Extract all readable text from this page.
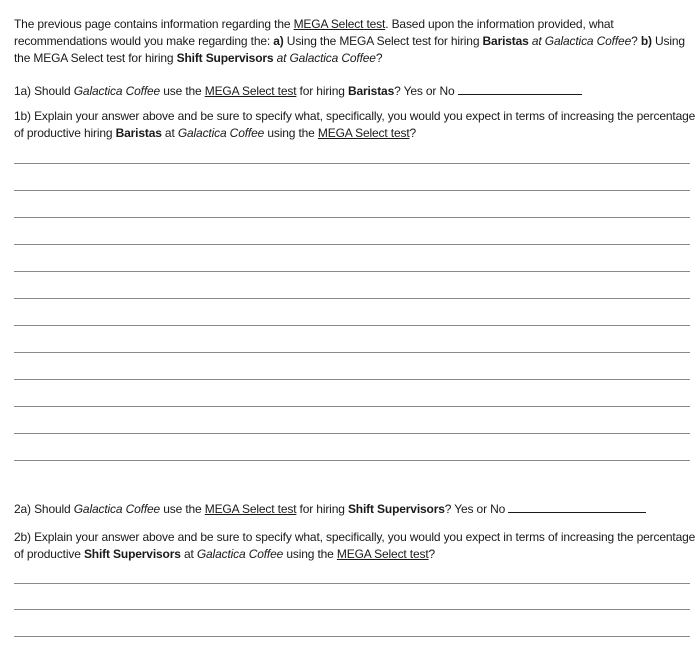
The previous page contains information regarding the MEGA Select test. Based upon the information provided, what recommendations would you make regarding the: a) Using the MEGA Select test for hiring Baristas at Galactica Coffee? b) Using the MEGA Select test for hiring Shift Supervisors at Galactica Coffee?
1a) Should Galactica Coffee use the MEGA Select test for hiring Baristas? Yes or No
1b) Explain your answer above and be sure to specify what, specifically, you would you expect in terms of increasing the percentage of productive hiring Baristas at Galactica Coffee using the MEGA Select test?
2a) Should Galactica Coffee use the MEGA Select test for hiring Shift Supervisors? Yes or No
2b) Explain your answer above and be sure to specify what, specifically, you would you expect in terms of increasing the percentage of productive Shift Supervisors at Galactica Coffee using the MEGA Select test?
